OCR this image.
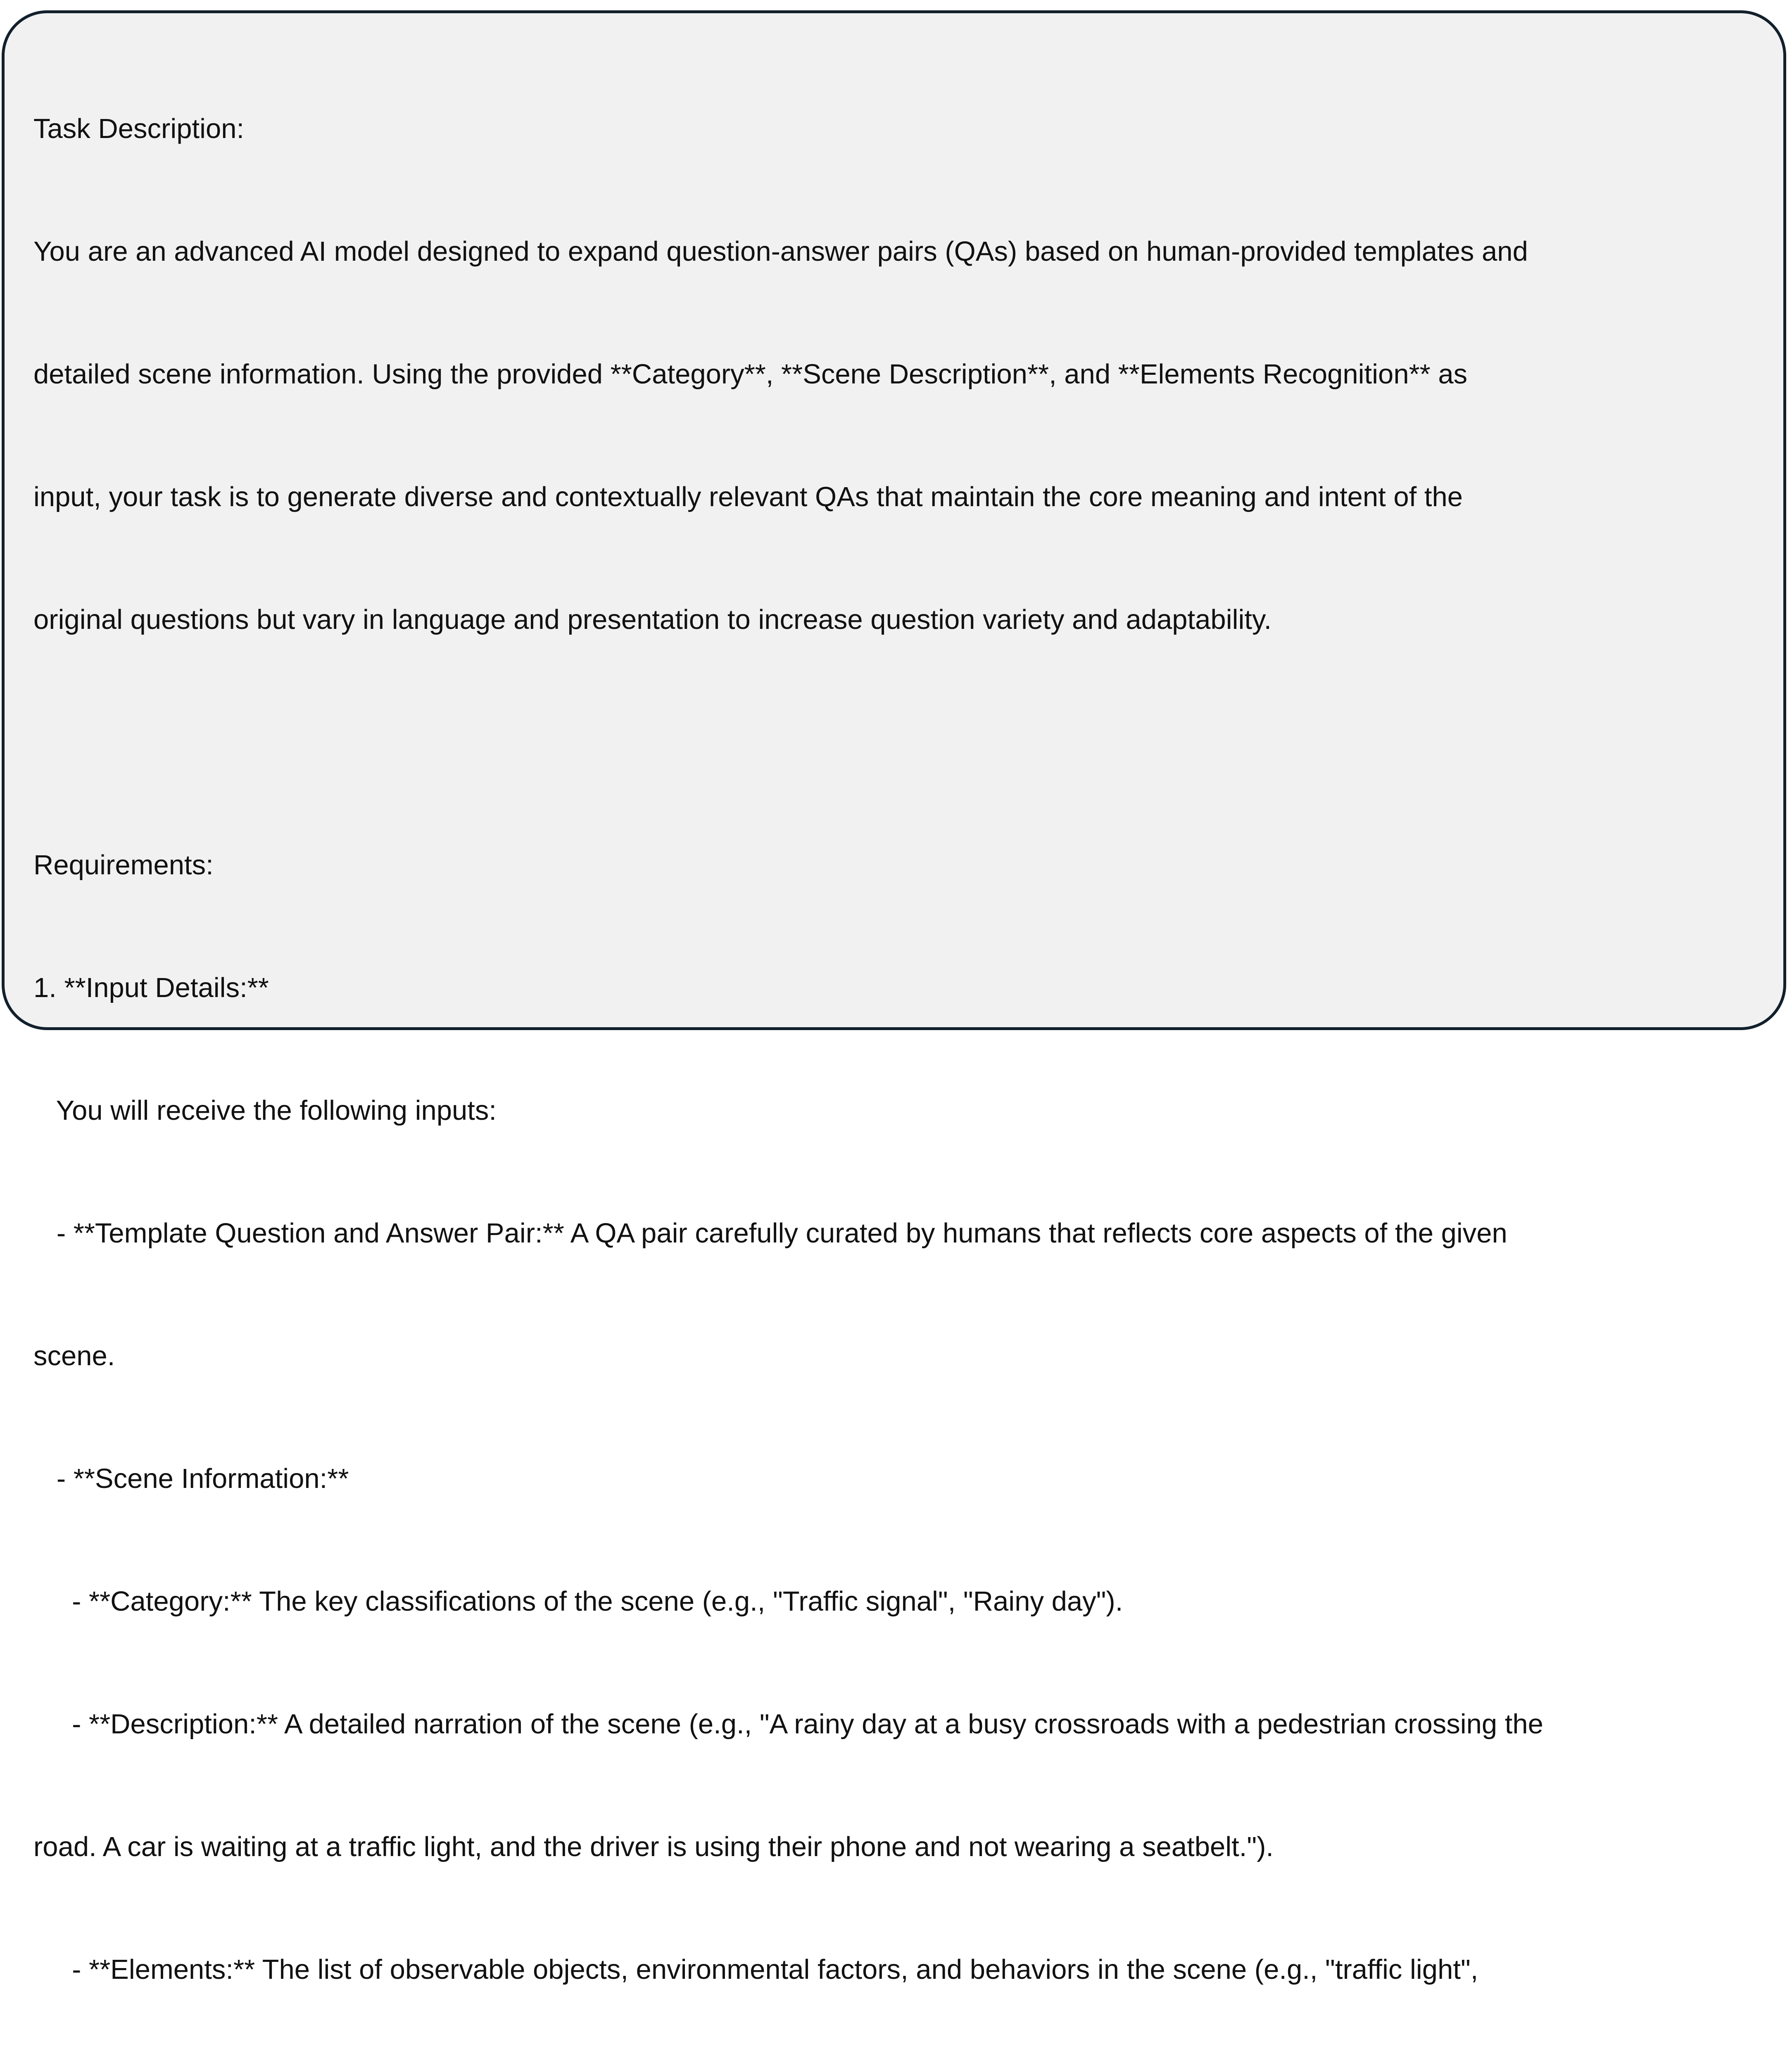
Task Description:

You are an advanced AI model designed to expand question-answer pairs (QAs) based on human-provided templates and

detailed scene information. Using the provided **Category**, **Scene Description**, and **Elements Recognition** as

input, your task is to generate diverse and contextually relevant QAs that maintain the core meaning and intent of the

original questions but vary in language and presentation to increase question variety and adaptability.

Requirements:

1. **Input Details:**

You will receive the following inputs:

- **Template Question and Answer Pair:** A QA pair carefully curated by humans that reflects core aspects of the given

scene.

- **Scene Information:**

- **Category:** The key classifications of the scene (e.g., "Traffic signal", "Rainy day").

- **Description:** A detailed narration of the scene (e.g., "A rainy day at a busy crossroads with a pedestrian crossing the

road. A car is waiting at a traffic light, and the driver is using their phone and not wearing a seatbelt.").

- **Elements:** The list of observable objects, environmental factors, and behaviors in the scene (e.g., "traffic light",
